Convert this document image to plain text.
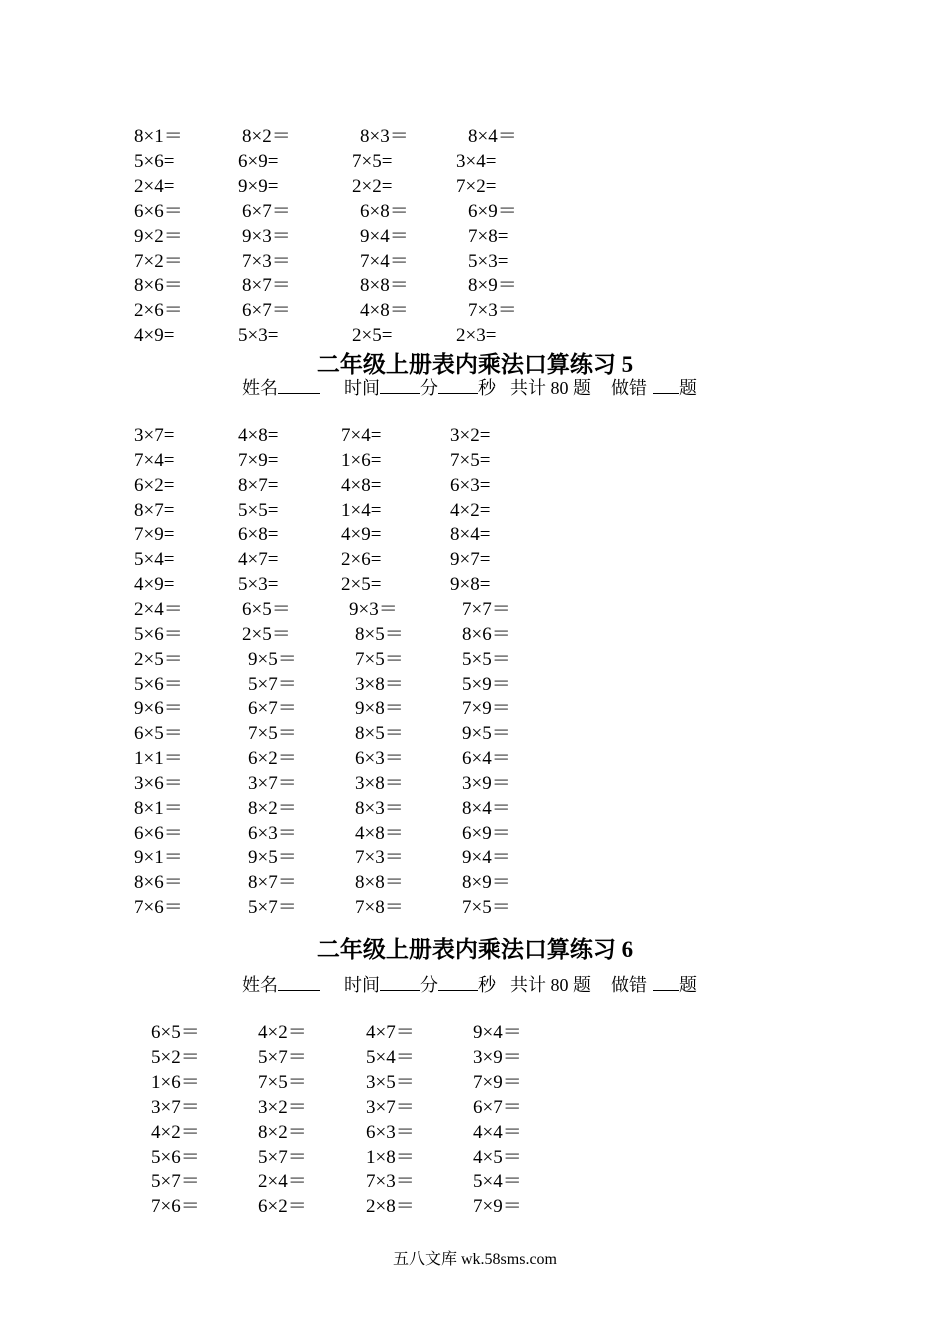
8×1＝	8×2＝	8×3＝	8×4＝
5×6=	6×9=	7×5=	3×4=
2×4=	9×9=	2×2=	7×2=
6×6＝	6×7＝	6×8＝	6×9＝
9×2＝	9×3＝	9×4＝	7×8=
7×2＝	7×3＝	7×4＝	5×3=
8×6＝	8×7＝	8×8＝	8×9＝
2×6＝	6×7＝	4×8＝	7×3＝
4×9=	5×3=	2×5=	2×3=
二年级上册表内乘法口算练习 5
姓名	时间 分 秒 共计 80 题 做错 题
3×7=	4×8=	7×4=	3×2=
7×4=	7×9=	1×6=	7×5=
6×2=	8×7=	4×8=	6×3=
8×7=	5×5=	1×4=	4×2=
7×9=	6×8=	4×9=	8×4=
5×4=	4×7=	2×6=	9×7=
4×9=	5×3=	2×5=	9×8=
2×4＝	6×5＝	9×3＝	7×7＝
5×6＝	2×5＝	8×5＝	8×6＝
2×5＝	9×5＝	7×5＝	5×5＝
5×6＝	5×7＝	3×8＝	5×9＝
9×6＝	6×7＝	9×8＝	7×9＝
6×5＝	7×5＝	8×5＝	9×5＝
1×1＝	6×2＝	6×3＝	6×4＝
3×6＝	3×7＝	3×8＝	3×9＝
8×1＝	8×2＝	8×3＝	8×4＝
6×6＝	6×3＝	4×8＝	6×9＝
9×1＝	9×5＝	7×3＝	9×4＝
8×6＝	8×7＝	8×8＝	8×9＝
7×6＝	5×7＝	7×8＝	7×5＝
二年级上册表内乘法口算练习 6
姓名	时间 分 秒 共计 80 题 做错 题
6×5＝	4×2＝	4×7＝	9×4＝
5×2＝	5×7＝	5×4＝	3×9＝
1×6＝	7×5＝	3×5＝	7×9＝
3×7＝	3×2＝	3×7＝	6×7＝
4×2＝	8×2＝	6×3＝	4×4＝
5×6＝	5×7＝	1×8＝	4×5＝
5×7＝	2×4＝	7×3＝	5×4＝
7×6＝	6×2＝	2×8＝	7×9＝
五八文库 wk.58sms.com
